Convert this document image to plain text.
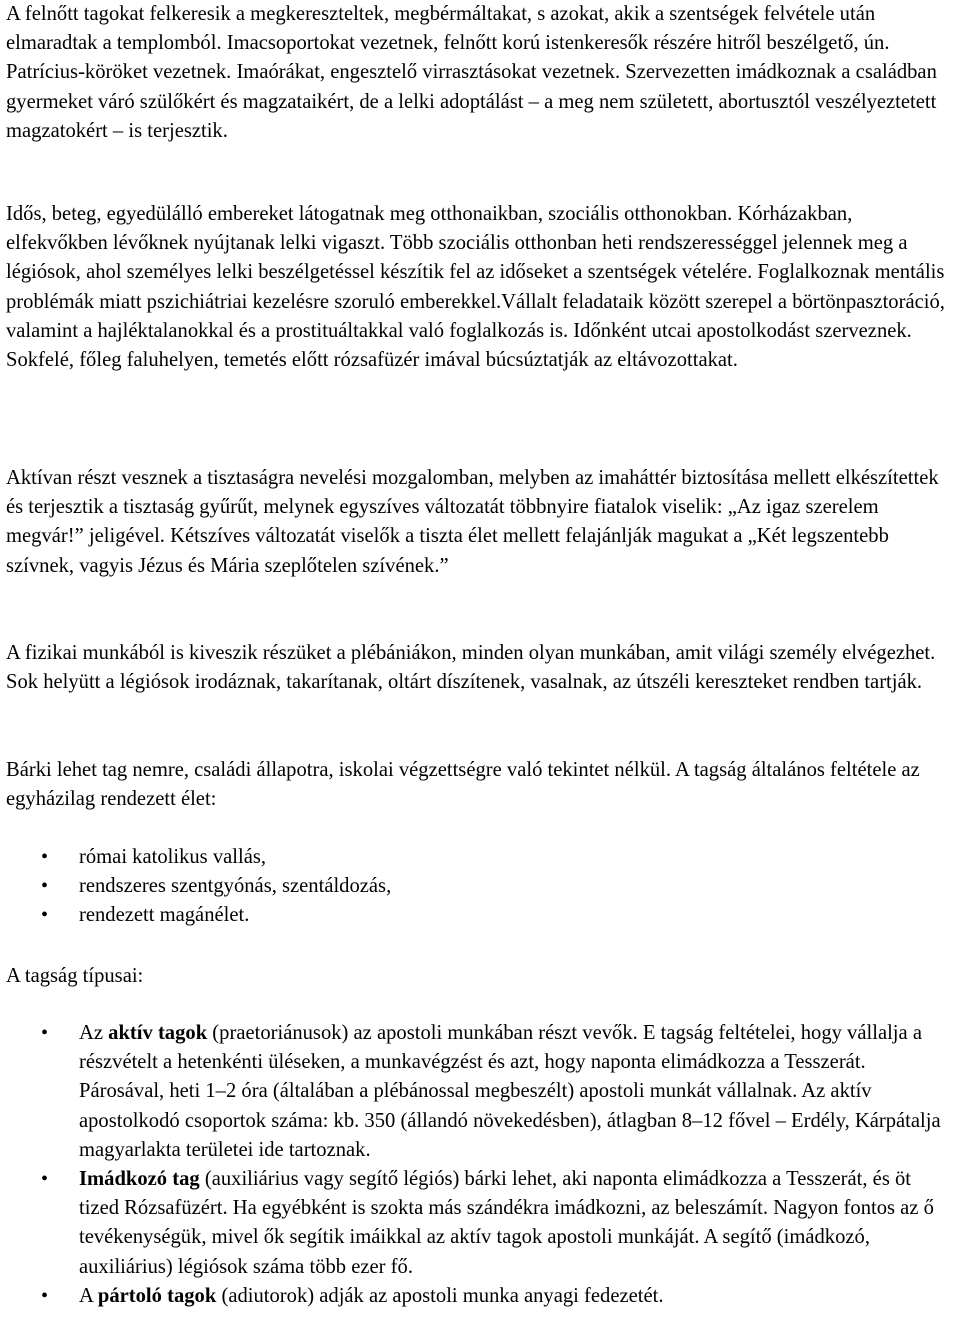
A felnőtt tagokat felkeresik a megkereszteltek, megbérmáltakat, s azokat, akik a szentségek felvétele után elmaradtak a templomból. Imacsoportokat vezetnek, felnőtt korú istenkeresők részére hitről beszélgető, ún. Patrícius-köröket vezetnek. Imaórákat, engesztelő virrasztásokat vezetnek. Szervezetten imádkoznak a családban gyermeket váró szülőkért és magzataikért, de a lelki adoptálást – a meg nem született, abortusztól veszélyeztetett magzatokért – is terjesztik.

Idős, beteg, egyedülálló embereket látogatnak meg otthonaikban, szociális otthonokban. Kórházakban, elfekvőkben lévőknek nyújtanak lelki vigaszt. Több szociális otthonban heti rendszerességgel jelennek meg a légiósok, ahol személyes lelki beszélgetéssel készítik fel az időseket a szentségek vételére. Foglalkoznak mentális problémák miatt pszichiátriai kezelésre szoruló emberekkel.Vállalt feladataik között szerepel a börtönpasztoráció, valamint a hajléktalanokkal és a prostituáltakkal való foglalkozás is. Időnként utcai apostolkodást szerveznek. Sokfelé, főleg faluhelyen, temetés előtt rózsafüzér imával búcsúztatják az eltávozottakat.

Aktívan részt vesznek a tisztaságra nevelési mozgalomban, melyben az imaháttér biztosítása mellett elkészítettek és terjesztik a tisztaság gyűrűt, melynek egyszíves változatát többnyire fiatalok viselik: „Az igaz szerelem megvár!” jeligével. Kétszíves változatát viselők a tiszta élet mellett felajánlják magukat a „Két legszentebb szívnek, vagyis Jézus és Mária szeplőtelen szívének.”

A fizikai munkából is kiveszik részüket a plébániákon, minden olyan munkában, amit világi személy elvégezhet. Sok helyütt a légiósok irodáznak, takarítanak, oltárt díszítenek, vasalnak, az útszéli kereszteket rendben tartják.

Bárki lehet tag nemre, családi állapotra, iskolai végzettségre való tekintet nélkül. A tagság általános feltétele az egyházilag rendezett élet:

• római katolikus vallás,
• rendszeres szentgyónás, szentáldozás,
• rendezett magánélet.

A tagság típusai:

• Az aktív tagok (praetoriánusok) az apostoli munkában részt vevők. E tagság feltételei, hogy vállalja a részvételt a hetenkénti üléseken, a munkavégzést és azt, hogy naponta elimádkozza a Tesszerát. Párosával, heti 1–2 óra (általában a plébánossal megbeszélt) apostoli munkát vállalnak. Az aktív apostolkodó csoportok száma: kb. 350 (állandó növekedésben), átlagban 8–12 fővel – Erdély, Kárpátalja magyarlakta területei ide tartoznak.
• Imádkozó tag (auxiliárius vagy segítő légiós) bárki lehet, aki naponta elimádkozza a Tesszerát, és öt tized Rózsafüzért. Ha egyébként is szokta más szándékra imádkozni, az beleszámít. Nagyon fontos az ő tevékenységük, mivel ők segítik imáikkal az aktív tagok apostoli munkáját. A segítő (imádkozó, auxiliárius) légiósok száma több ezer fő.
• A pártoló tagok (adiutorok) adják az apostoli munka anyagi fedezetét.
